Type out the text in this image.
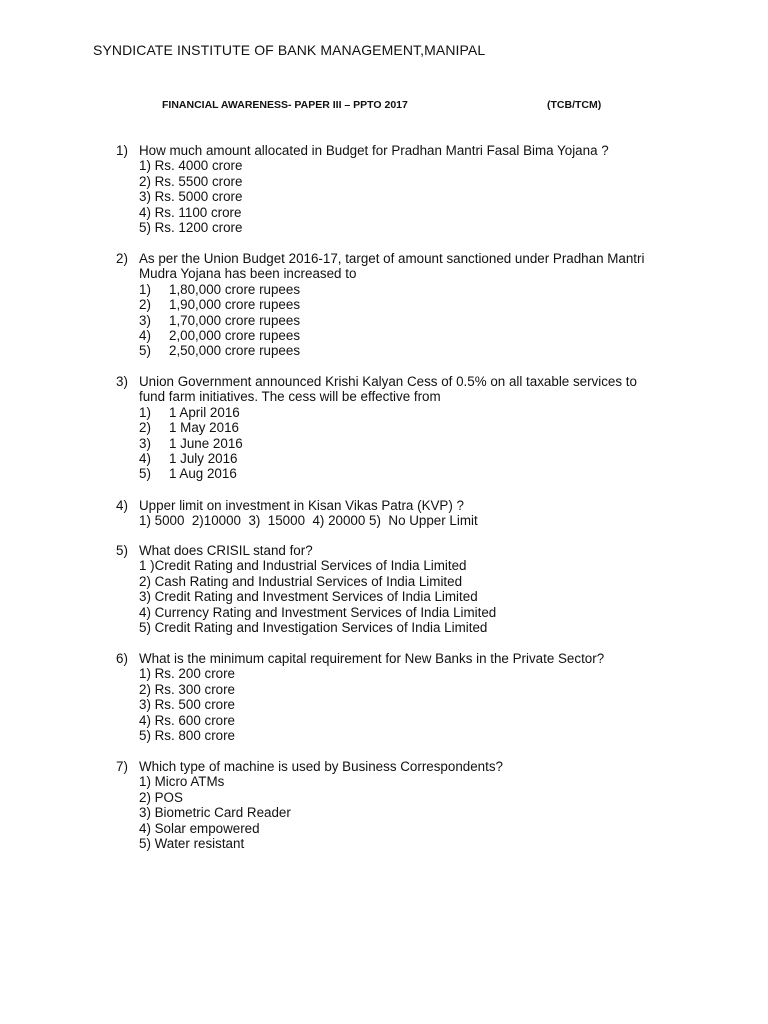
SYNDICATE INSTITUTE OF BANK MANAGEMENT,MANIPAL
FINANCIAL AWARENESS- PAPER III – PPTO 2017	(TCB/TCM)
1) How much amount allocated in Budget for Pradhan Mantri Fasal Bima Yojana ?
1) Rs. 4000 crore
2) Rs. 5500 crore
3) Rs. 5000 crore
4) Rs. 1100 crore
5) Rs. 1200 crore
2) As per the Union Budget 2016-17, target of amount sanctioned under Pradhan Mantri
Mudra Yojana has been increased to
1) 1,80,000 crore rupees
2) 1,90,000 crore rupees
3) 1,70,000 crore rupees
4) 2,00,000 crore rupees
5) 2,50,000 crore rupees
3) Union Government announced Krishi Kalyan Cess of 0.5% on all taxable services to
fund farm initiatives. The cess will be effective from
1) 1 April 2016
2) 1 May 2016
3) 1 June 2016
4) 1 July 2016
5) 1 Aug 2016
4) Upper limit on investment in Kisan Vikas Patra (KVP) ?
1) 5000  2)10000  3)  15000  4) 20000 5)  No Upper Limit
5) What does CRISIL stand for?
1 )Credit Rating and Industrial Services of India Limited
2) Cash Rating and Industrial Services of India Limited
3) Credit Rating and Investment Services of India Limited
4) Currency Rating and Investment Services of India Limited
5) Credit Rating and Investigation Services of India Limited
6) What is the minimum capital requirement for New Banks in the Private Sector?
1) Rs. 200 crore
2) Rs. 300 crore
3) Rs. 500 crore
4) Rs. 600 crore
5) Rs. 800 crore
7) Which type of machine is used by Business Correspondents?
1) Micro ATMs
2) POS
3) Biometric Card Reader
4) Solar empowered
5) Water resistant
